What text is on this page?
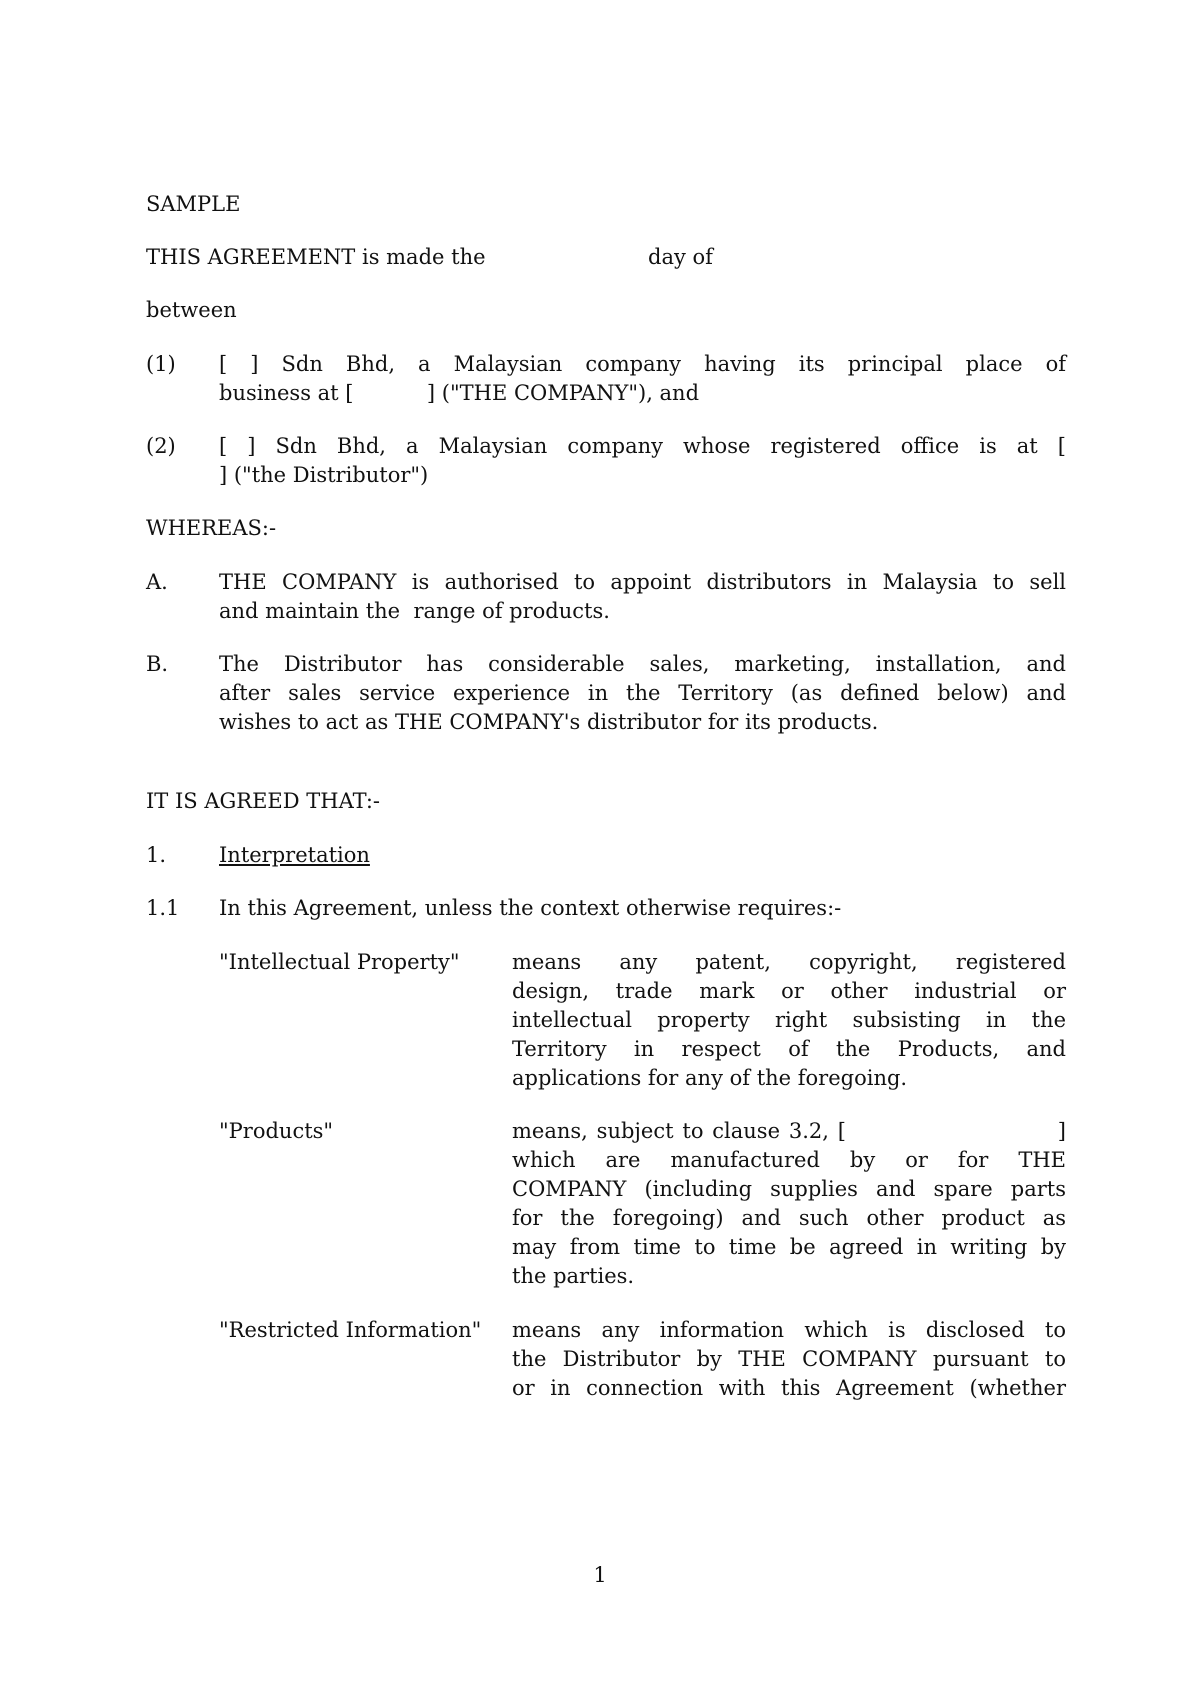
SAMPLE
THIS AGREEMENT is made the	day of
between
(1) [ ] Sdn Bhd, a Malaysian company having its principal place of
business at [           ] ("THE COMPANY"), and
(2) [ ] Sdn Bhd, a Malaysian company whose registered office is at [
] ("the Distributor")
WHEREAS:-
A. THE COMPANY is authorised to appoint distributors in Malaysia to sell
and maintain the  range of products.
B. The Distributor has considerable sales, marketing, installation, and
after sales service experience in the Territory (as defined below) and
wishes to act as THE COMPANY's distributor for its products.
IT IS AGREED THAT:-
1.	Interpretation
1.1 In this Agreement, unless the context otherwise requires:-
"Intellectual Property"	means any patent, copyright, registered
design, trade mark or other industrial or
intellectual property right subsisting in the
Territory in respect of the Products, and
applications for any of the foregoing.
"Products"	means, subject to clause 3.2, [                        ]
which are manufactured by or for THE
COMPANY (including supplies and spare parts
for the foregoing) and such other product as
may from time to time be agreed in writing by
the parties.
"Restricted Information"	means any information which is disclosed to
the Distributor by THE COMPANY pursuant to
or in connection with this Agreement (whether
1
